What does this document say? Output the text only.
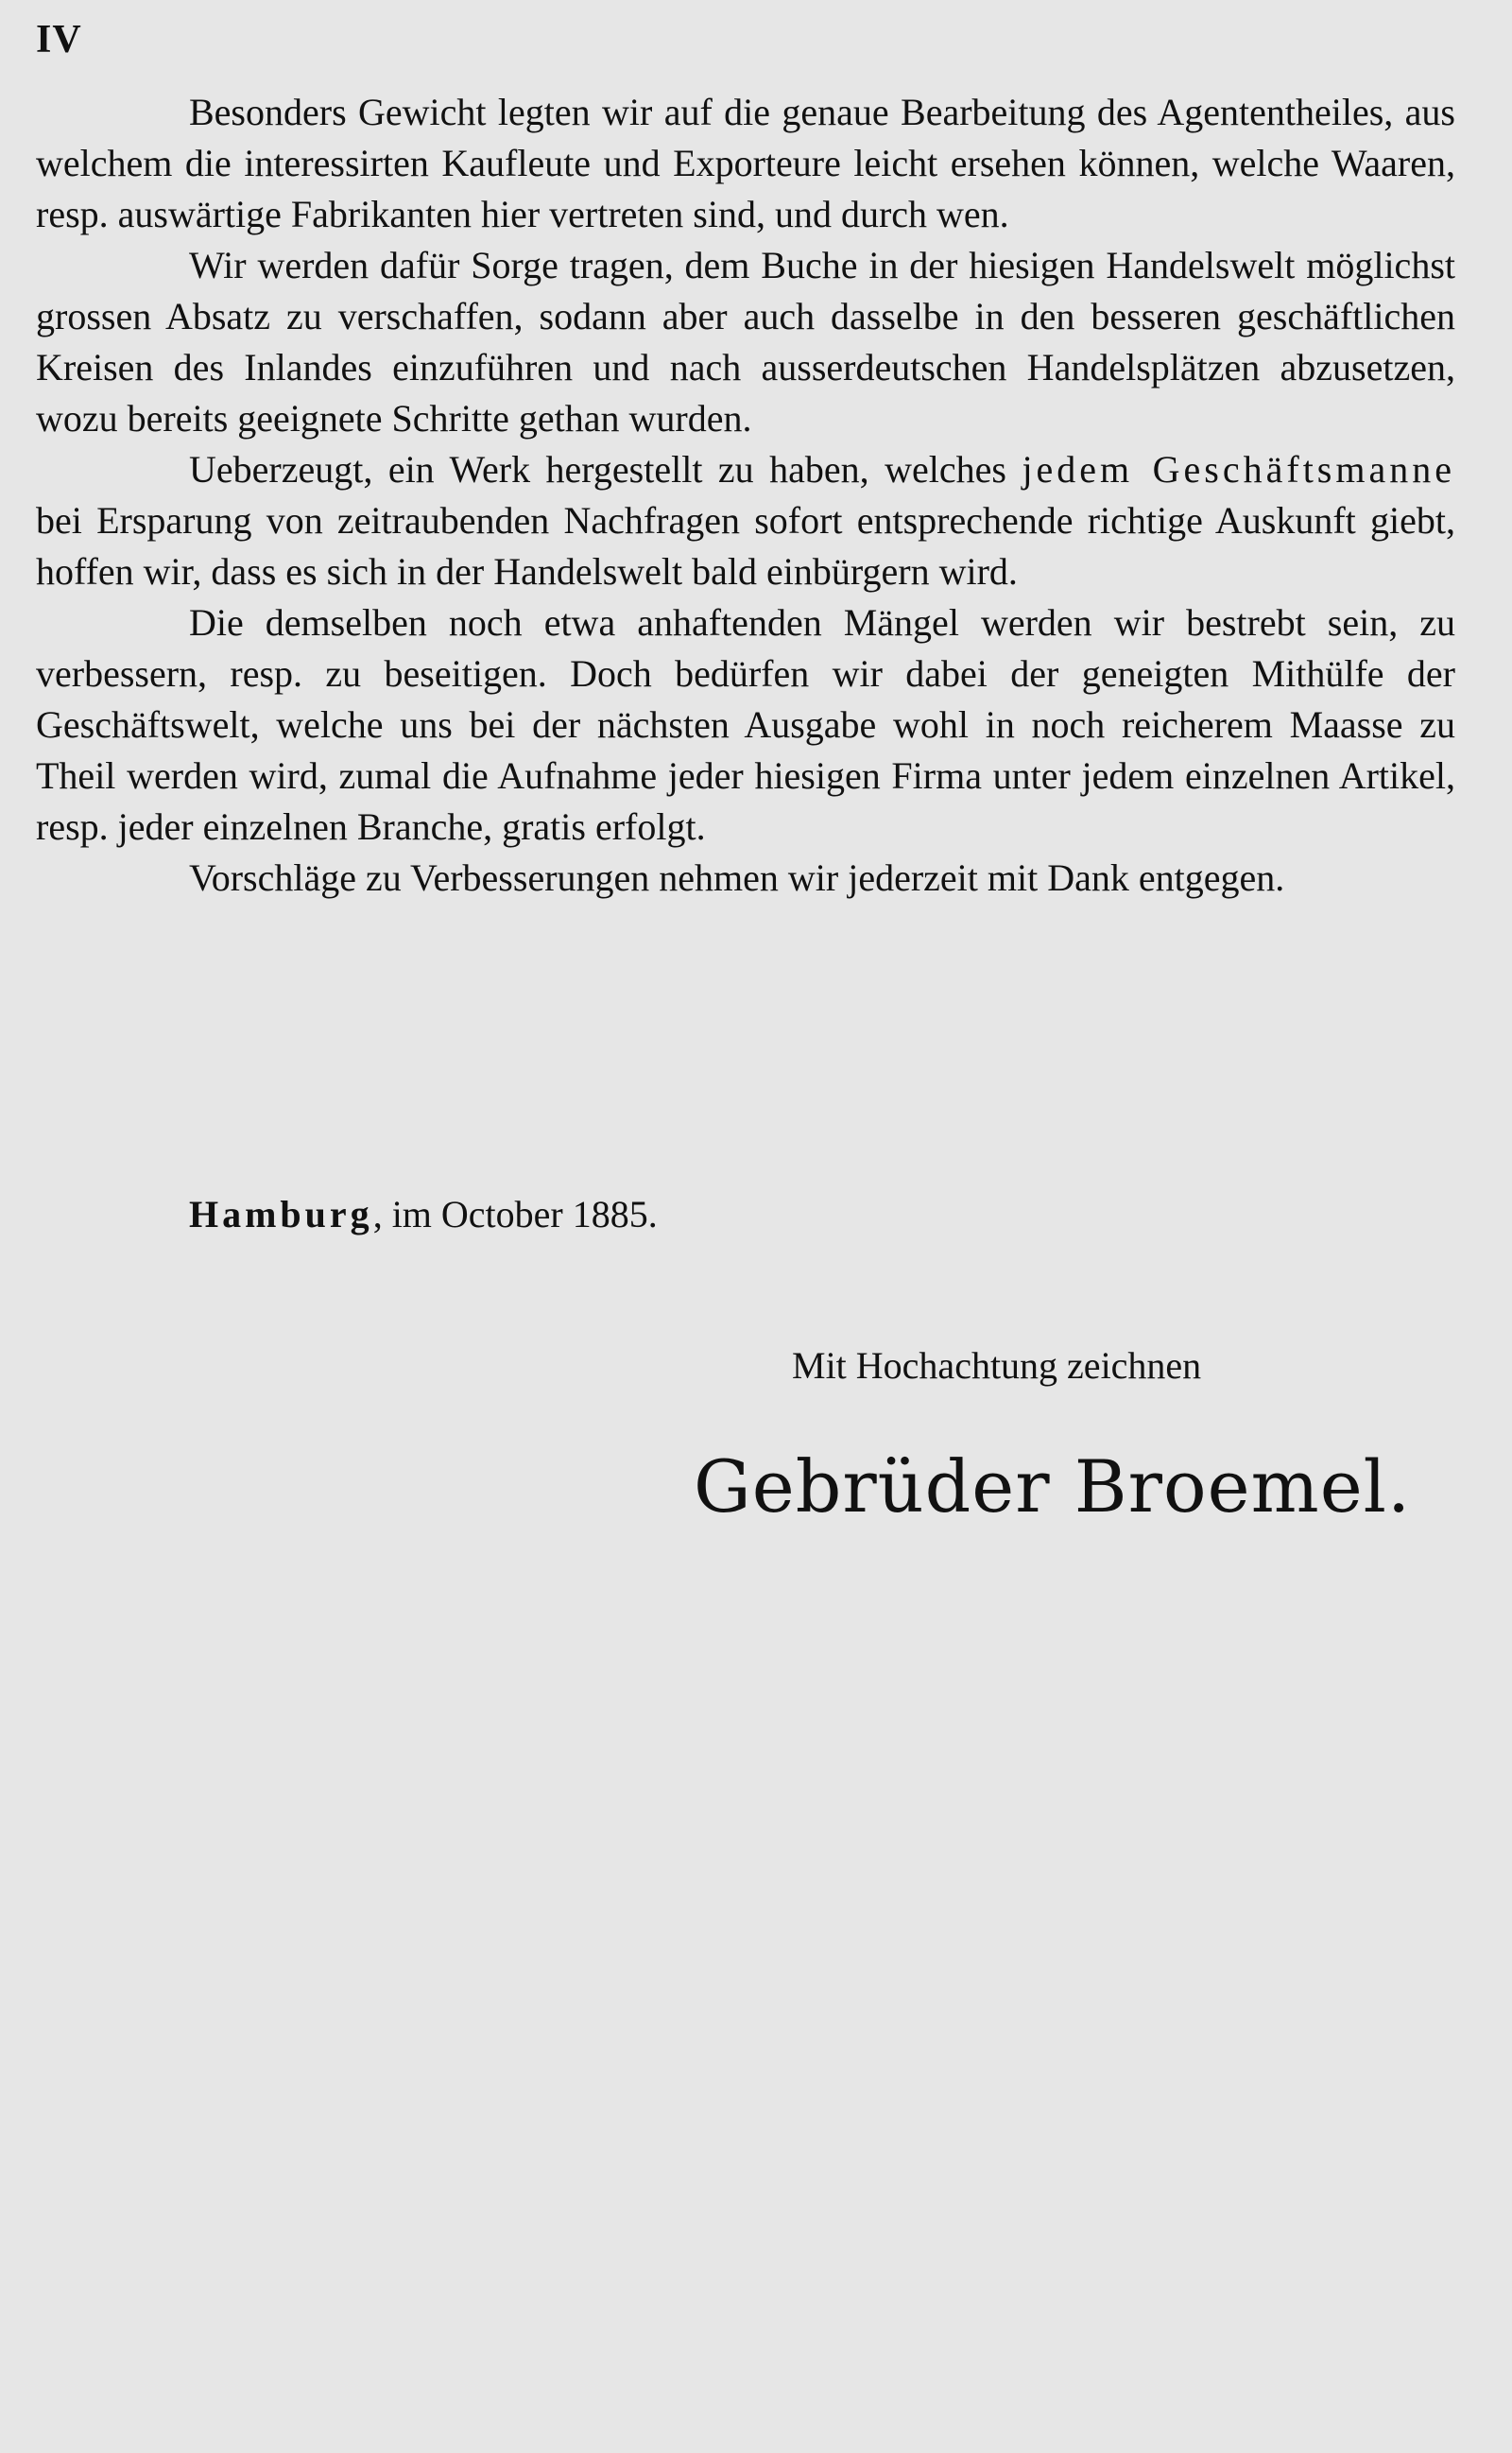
IV

Besonders Gewicht legten wir auf die genaue Bearbeitung des Agententheiles, aus welchem die interessirten Kaufleute und Exporteure leicht ersehen können, welche Waaren, resp. auswärtige Fabrikanten hier vertreten sind, und durch wen.

Wir werden dafür Sorge tragen, dem Buche in der hiesigen Handelswelt möglichst grossen Absatz zu verschaffen, sodann aber auch dasselbe in den besseren geschäftlichen Kreisen des Inlandes einzuführen und nach ausserdeutschen Handelsplätzen abzusetzen, wozu bereits geeignete Schritte gethan wurden.

Ueberzeugt, ein Werk hergestellt zu haben, welches jedem Geschäftsmanne bei Ersparung von zeitraubenden Nachfragen sofort entsprechende richtige Auskunft giebt, hoffen wir, dass es sich in der Handelswelt bald einbürgern wird.

Die demselben noch etwa anhaftenden Mängel werden wir bestrebt sein, zu verbessern, resp. zu beseitigen. Doch bedürfen wir dabei der geneigten Mithülfe der Geschäftswelt, welche uns bei der nächsten Ausgabe wohl in noch reicherem Maasse zu Theil werden wird, zumal die Aufnahme jeder hiesigen Firma unter jedem einzelnen Artikel, resp. jeder einzelnen Branche, gratis erfolgt.

Vorschläge zu Verbesserungen nehmen wir jederzeit mit Dank entgegen.

Hamburg, im October 1885.
Mit Hochachtung zeichnen
Gebrüder Broemel.
